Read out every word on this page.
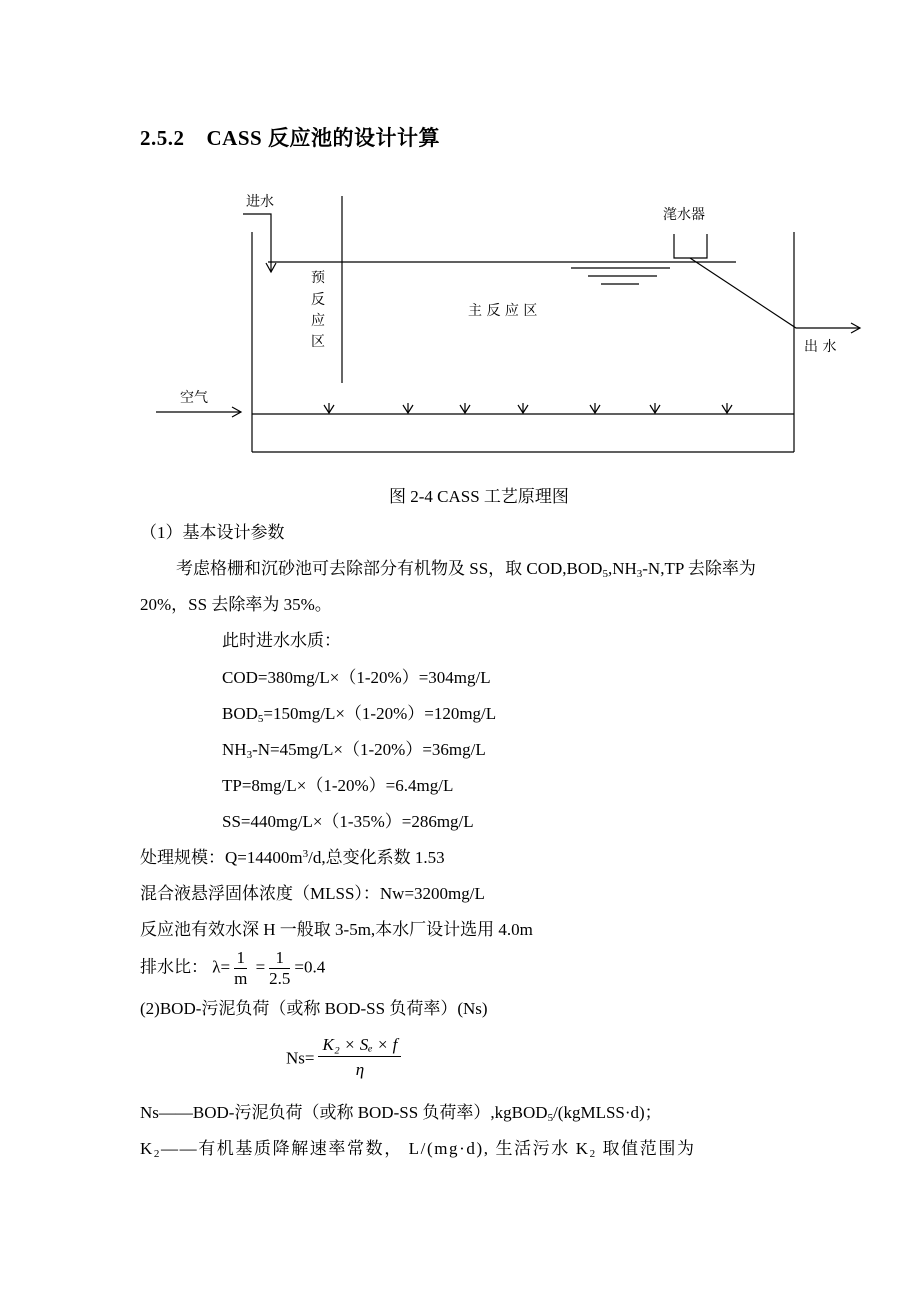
2.5.2 CASS 反应池的设计计算
进水
滗水器
预
反
应
区
主 反 应 区
出 水
空气
图 2-4 CASS 工艺原理图
（1）基本设计参数
考虑格栅和沉砂池可去除部分有机物及 SS，取 $COD,BOD_5,NH_3-N,TP$ 去除率为
20%，SS 去除率为 35%。
此时进水水质：
COD=380mg/L×（1-20%）=304mg/L
$BOD_5=150mg/L\times(1-20\%)=120mg/L$
$NH_3-N=45mg/L\times(1-20\%)=36mg/L$
TP=8mg/L×（1-20%）=6.4mg/L
SS=440mg/L×（1-35%）=286mg/L
处理规模：$Q=14400m^3/d$,总变化系数 1.53
混合液悬浮固体浓度（MLSS）：Nw=3200mg/L
反应池有效水深 H 一般取 3-5m,本水厂设计选用 4.0m
排水比： $\lambda= \frac{1}{m} = \frac{1}{2.5} =0.4$
(2)BOD-污泥负荷（或称 BOD-SS 负荷率）(Ns)
$Ns= \frac{\text{K₂ × Sₑ × f}}{\eta}$
Ns——BOD-污泥负荷（或称 BOD-SS 负荷率）,kgBOD$_5$/(kgMLSS·d)；
$K_2——$有机基质降解速率常数， L/(mg·d), 生活污水 $K_2$ 取值范围为
